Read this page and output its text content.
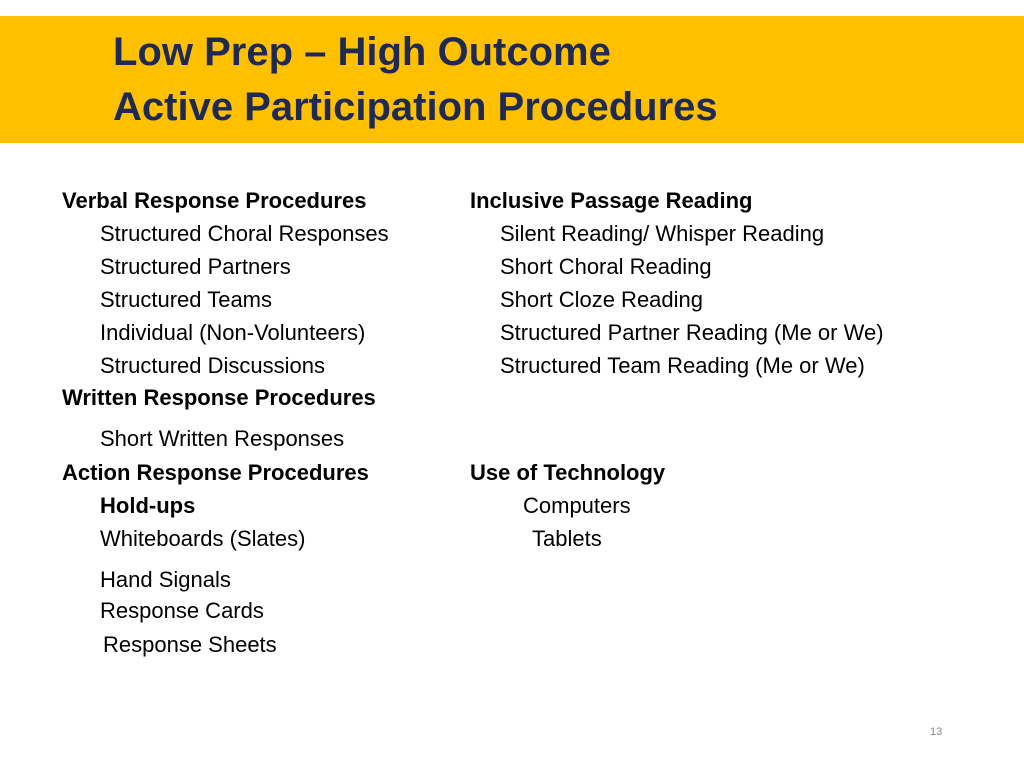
Low Prep – High Outcome
Active Participation Procedures
Verbal Response Procedures
Structured Choral Responses
Structured Partners
Structured Teams
Individual (Non-Volunteers)
Structured Discussions
Written Response Procedures
Short Written Responses
Action Response Procedures
Hold-ups
Whiteboards (Slates)
Hand Signals
Response Cards
Response Sheets
Inclusive Passage Reading
Silent Reading/ Whisper Reading
Short Choral Reading
Short Cloze Reading
Structured Partner Reading (Me or We)
Structured Team Reading (Me or We)
Use of Technology
Computers
Tablets
13
